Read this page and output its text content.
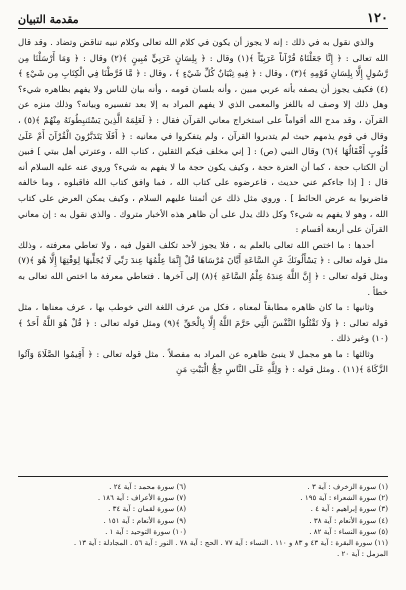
١٢٠
مقدمة التبيان

والذي نقول به في ذلك : إنه لا يجوز أن يكون في كلام الله تعالى وكلام نبيه تناقض وتضاد . وقد قال الله تعالى : ﴿ إِنَّا جَعَلْنَاهُ قُرْآناً عَرَبِيّاً ﴾(١) وقال : ﴿ بِلِسَانٍ عَرَبِيٍّ مُبِينٍ ﴾(٢) وقال : ﴿ وَمَا أَرْسَلْنَا مِن رَّسُولٍ إِلَّا بِلِسَانِ قَوْمِهِ ﴾(٣) ، وقال : ﴿ فِيهِ تِبْيَانٌ كُلِّ شَيْءٍ ﴾ ، وقال : ﴿ مَّا فَرَّطْنَا فِي الْكِتَابِ مِن شَيْءٍ ﴾(٤) فكيف يجوز أن يصفه بأنه عربي مبين ، وأنه بلسان قومه ، وأنه بيان للناس ولا يفهم بظاهره شيء؟ وهل ذلك إلا وصف له باللغز والمعمى الذي لا يفهم المراد به إلا بعد تفسيره وبيانه؟ وذلك منزه عن القرآن ، وقد مدح الله أقواماً على استخراج معاني القرآن فقال : ﴿ لَعَلِمَهُ الَّذِينَ يَسْتَنبِطُونَهُ مِنْهُمْ ﴾(٥) ، وقال في قوم يذمهم حيث لم يتدبروا القرآن ، ولم يتفكروا في معانيه : ﴿ أَفَلَا يَتَدَبَّرُونَ الْقُرْآنَ أَمْ عَلَىٰ قُلُوبٍ أَقْفَالُهَا ﴾(٦) وقال النبي (ص) : [ إني مخلف فيكم الثقلين ، كتاب الله ، وعترتي أهل بيتي ] فبين أن الكتاب حجة ، كما أن العترة حجة ، وكيف يكون حجة ما لا يفهم به شيء؟ وروي عنه عليه السلام أنه قال : [ إذا جاءكم عني حديث ، فاعرضوه على كتاب الله ، فما وافق كتاب الله فاقبلوه ، وما خالفه فاضربوا به عرض الحائط ] . وروي مثل ذلك عن أئمتنا عليهم السلام ، وكيف يمكن العرض على كتاب الله ، وهو لا يفهم به شيء؟ وكل ذلك يدل على أن ظاهر هذه الأخبار متروك . والذي نقول به : إن معاني القرآن على أربعة أقسام :

أحدها : ما اختص الله تعالى بالعلم به ، فلا يجوز لأحد تكلف القول فيه ، ولا تعاطي معرفته ، وذلك مثل قوله تعالى : ﴿ يَسْأَلُونَكَ عَنِ السَّاعَةِ أَيَّانَ مُرْسَاهَا قُلْ إِنَّمَا عِلْمُهَا عِندَ رَبِّي لَا يُجَلِّيهَا لِوَقْتِهَا إِلَّا هُوَ ﴾(٧) ومثل قوله تعالى : ﴿ إِنَّ اللَّهَ عِندَهُ عِلْمُ السَّاعَةِ ﴾(٨) إلى آخرها . فتعاطي معرفة ما اختص الله تعالى به خطأ .

وثانيها : ما كان ظاهره مطابقاً لمعناه ، فكل من عرف اللغة التي خوطب بها ، عرف معناها ، مثل قوله تعالى : ﴿ وَلَا تَقْتُلُوا النَّفْسَ الَّتِي حَرَّمَ اللَّهُ إِلَّا بِالْحَقِّ ﴾(٩) ومثل قوله تعالى : ﴿ قُلْ هُوَ اللَّهُ أَحَدٌ ﴾(١٠) وغير ذلك .

وثالثها : ما هو مجمل لا ينبئ ظاهره عن المراد به مفصلاً . مثل قوله تعالى : ﴿ أَقِيمُوا الصَّلَاةَ وَآتُوا الزَّكَاةَ ﴾(١١) . ومثل قوله : ﴿ وَلِلَّهِ عَلَى النَّاسِ حِجُّ الْبَيْتِ مَنِ

(١) سورة الزخرف : آية ٣ .
(٢) سورة الشعراء : آية ١٩٥ .
(٣) سورة إبراهيم : آية ٤ .
(٤) سورة الأنعام : آية ٣٨ .
(٥) سورة النساء : آية ٨٢ .
(٦) سورة محمد : آية ٢٤ .
(٧) سورة الأعراف : آية ١٨٦ .
(٨) سورة لقمان : آية ٣٤ .
(٩) سورة الأنعام : آية ١٥١ .
(١٠) سورة التوحيد : آية ١ .
(١١) سورة البقرة : آية ٤٣ و ٨٣ و ١١٠ . النساء : آية ٧٧ . الحج : آية ٧٨ . النور : آية ٥٦ . المجادلة : آية ١٣ .
المزمل : آية ٢٠ .
